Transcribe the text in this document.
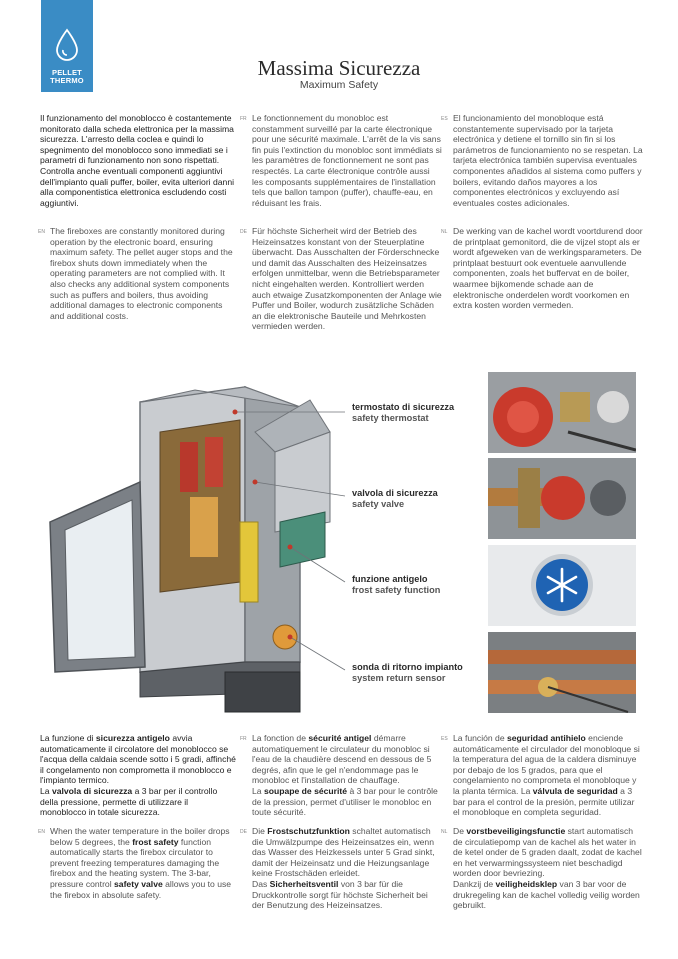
PELLET
THERMO
Massima Sicurezza
Maximum Safety

Il funzionamento del monoblocco è costantemente monitorato dalla scheda elettronica per la massima sicurezza. L'arresto della coclea e quindi lo spegnimento del monoblocco sono immediati se i parametri di funzionamento non sono rispettati. Controlla anche eventuali componenti aggiuntivi dell'impianto quali puffer, boiler, evita ulteriori danni alla componentistica elettronica escludendo costi aggiuntivi.

FR Le fonctionnement du monobloc est constamment surveillé par la carte électronique pour une sécurité maximale. L'arrêt de la vis sans fin puis l'extinction du monobloc sont immédiats si les paramètres de fonctionnement ne sont pas respectés. La carte électronique contrôle aussi les composants supplémentaires de l'installation tels que ballon tampon (puffer), chauffe-eau, en réduisant les frais.

ES El funcionamiento del monobloque está constantemente supervisado por la tarjeta electrónica y detiene el tornillo sin fin si los parámetros de funcionamiento no se respetan. La tarjeta electrónica también supervisa eventuales componentes añadidos al sistema como puffers y boilers, evitando daños mayores a los componentes electrónicos y excluyendo así eventuales costes adicionales.

EN The fireboxes are constantly monitored during operation by the electronic board, ensuring maximum safety. The pellet auger stops and the firebox shuts down immediately when the operating parameters are not complied with. It also checks any additional system components such as puffers and boilers, thus avoiding additional damages to electronic components and additional costs.

DE Für höchste Sicherheit wird der Betrieb des Heizeinsatzes konstant von der Steuerplatine überwacht. Das Ausschalten der Förderschnecke und damit das Ausschalten des Heizeinsatzes erfolgen unmittelbar, wenn die Betriebsparameter nicht eingehalten werden. Kontrolliert werden auch etwaige Zusatzkomponenten der Anlage wie Puffer und Boiler, wodurch zusätzliche Schäden an die elektronische Bauteile und Mehrkosten vermieden werden.

NL De werking van de kachel wordt voortdurend door de printplaat gemonitord, die de vijzel stopt als er wordt afgeweken van de werkingsparameters. De printplaat bestuurt ook eventuele aanvullende componenten, zoals het buffervat en de boiler, waarmee bijkomende schade aan de elektronische onderdelen wordt voorkomen en extra kosten worden vermeden.

termostato di sicurezza
safety thermostat
valvola di sicurezza
safety valve
funzione antigelo
frost safety function
sonda di ritorno impianto
system return sensor

La funzione di sicurezza antigelo avvia automaticamente il circolatore del monoblocco se l'acqua della caldaia scende sotto i 5 gradi, affinché il congelamento non comprometta il monoblocco e l'impianto termico.
La valvola di sicurezza a 3 bar per il controllo della pressione, permette di utilizzare il monoblocco in totale sicurezza.

FR La fonction de sécurité antigel démarre automatiquement le circulateur du monobloc si l'eau de la chaudière descend en dessous de 5 degrés, afin que le gel n'endommage pas le monobloc et l'installation de chauffage.
La soupape de sécurité à 3 bar pour le contrôle de la pression, permet d'utiliser le monobloc en toute sécurité.

ES La función de seguridad antihielo enciende automáticamente el circulador del monobloque si la temperatura del agua de la caldera disminuye por debajo de los 5 grados, para que el congelamiento no comprometa el monobloque y la planta térmica. La válvula de seguridad a 3 bar para el control de la presión, permite utilizar el monobloque en completa seguridad.

EN When the water temperature in the boiler drops below 5 degrees, the frost safety function automatically starts the firebox circulator to prevent freezing temperatures damaging the firebox and the heating system. The 3-bar, pressure control safety valve allows you to use the firebox in absolute safety.

DE Die Frostschutzfunktion schaltet automatisch die Umwälzpumpe des Heizeinsatzes ein, wenn das Wasser des Heizkessels unter 5 Grad sinkt, damit der Heizeinsatz und die Heizungsanlage keine Frostschäden erleidet.
Das Sicherheitsventil von 3 bar für die Druckkontrolle sorgt für höchste Sicherheit bei der Benutzung des Heizeinsatzes.

NL De vorstbeveiligingsfunctie start automatisch de circulatiepomp van de kachel als het water in de ketel onder de 5 graden daalt, zodat de kachel en het verwarmingssysteem niet beschadigd worden door bevriezing.
Dankzij de veiligheidsklep van 3 bar voor de drukregeling kan de kachel volledig veilig worden gebruikt.
